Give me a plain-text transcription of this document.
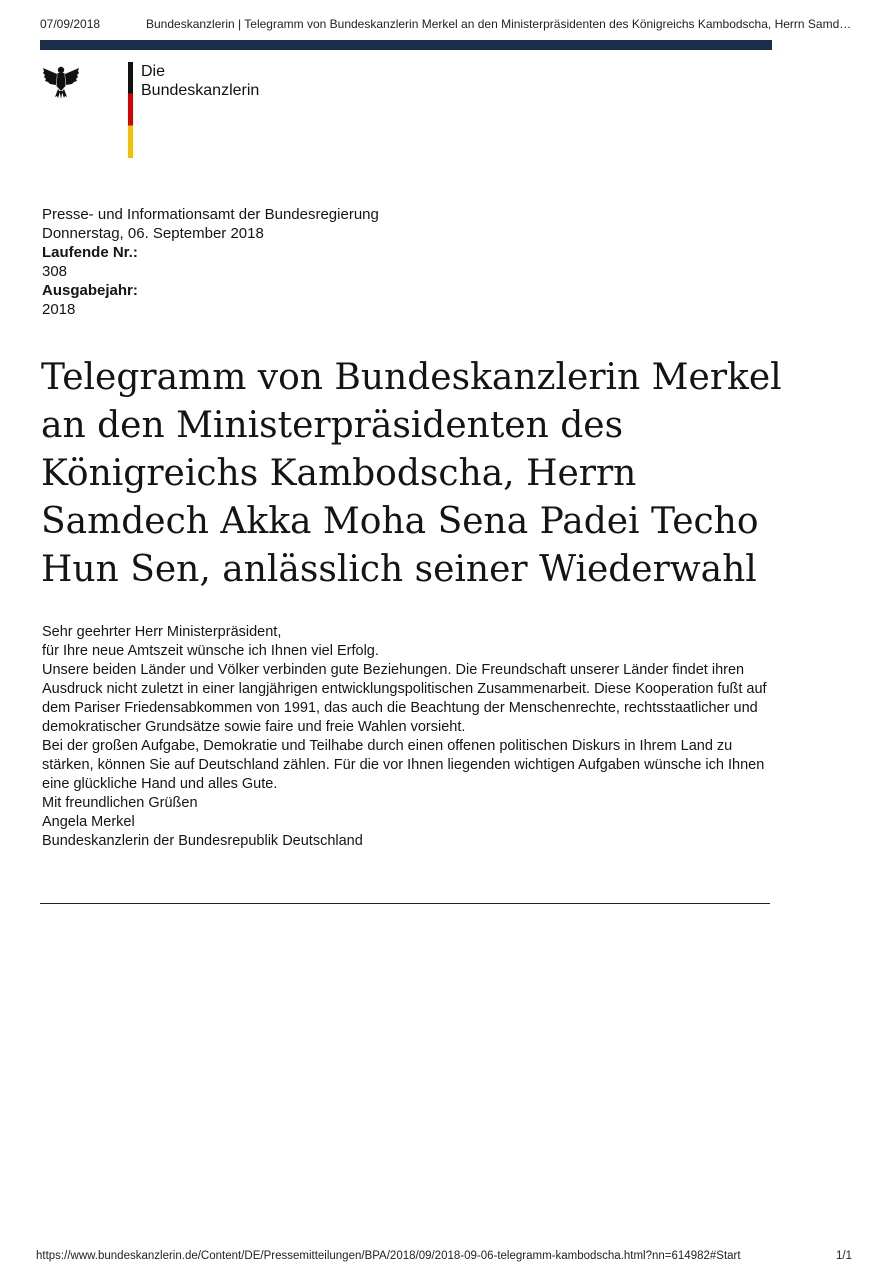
07/09/2018	Bundeskanzlerin | Telegramm von Bundeskanzlerin Merkel an den Ministerpräsidenten des Königreichs Kambodscha, Herrn Samd…
Die
Bundeskanzlerin
Presse- und Informationsamt der Bundesregierung
Donnerstag, 06. September 2018
Laufende Nr.:
308
Ausgabejahr:
2018
Telegramm von Bundeskanzlerin Merkel an den Ministerpräsidenten des Königreichs Kambodscha, Herrn Samdech Akka Moha Sena Padei Techo Hun Sen, anlässlich seiner Wiederwahl

Sehr geehrter Herr Ministerpräsident,

für Ihre neue Amtszeit wünsche ich Ihnen viel Erfolg.

Unsere beiden Länder und Völker verbinden gute Beziehungen. Die Freundschaft unserer Länder findet ihren Ausdruck nicht zuletzt in einer langjährigen entwicklungspolitischen Zusammenarbeit. Diese Kooperation fußt auf dem Pariser Friedensabkommen von 1991, das auch die Beachtung der Menschenrechte, rechtsstaatlicher und demokratischer Grundsätze sowie faire und freie Wahlen vorsieht.

Bei der großen Aufgabe, Demokratie und Teilhabe durch einen offenen politischen Diskurs in Ihrem Land zu stärken, können Sie auf Deutschland zählen. Für die vor Ihnen liegenden wichtigen Aufgaben wünsche ich Ihnen eine glückliche Hand und alles Gute.

Mit freundlichen Grüßen

Angela Merkel

Bundeskanzlerin der Bundesrepublik Deutschland

https://www.bundeskanzlerin.de/Content/DE/Pressemitteilungen/BPA/2018/09/2018-09-06-telegramm-kambodscha.html?nn=614982#Start	1/1
